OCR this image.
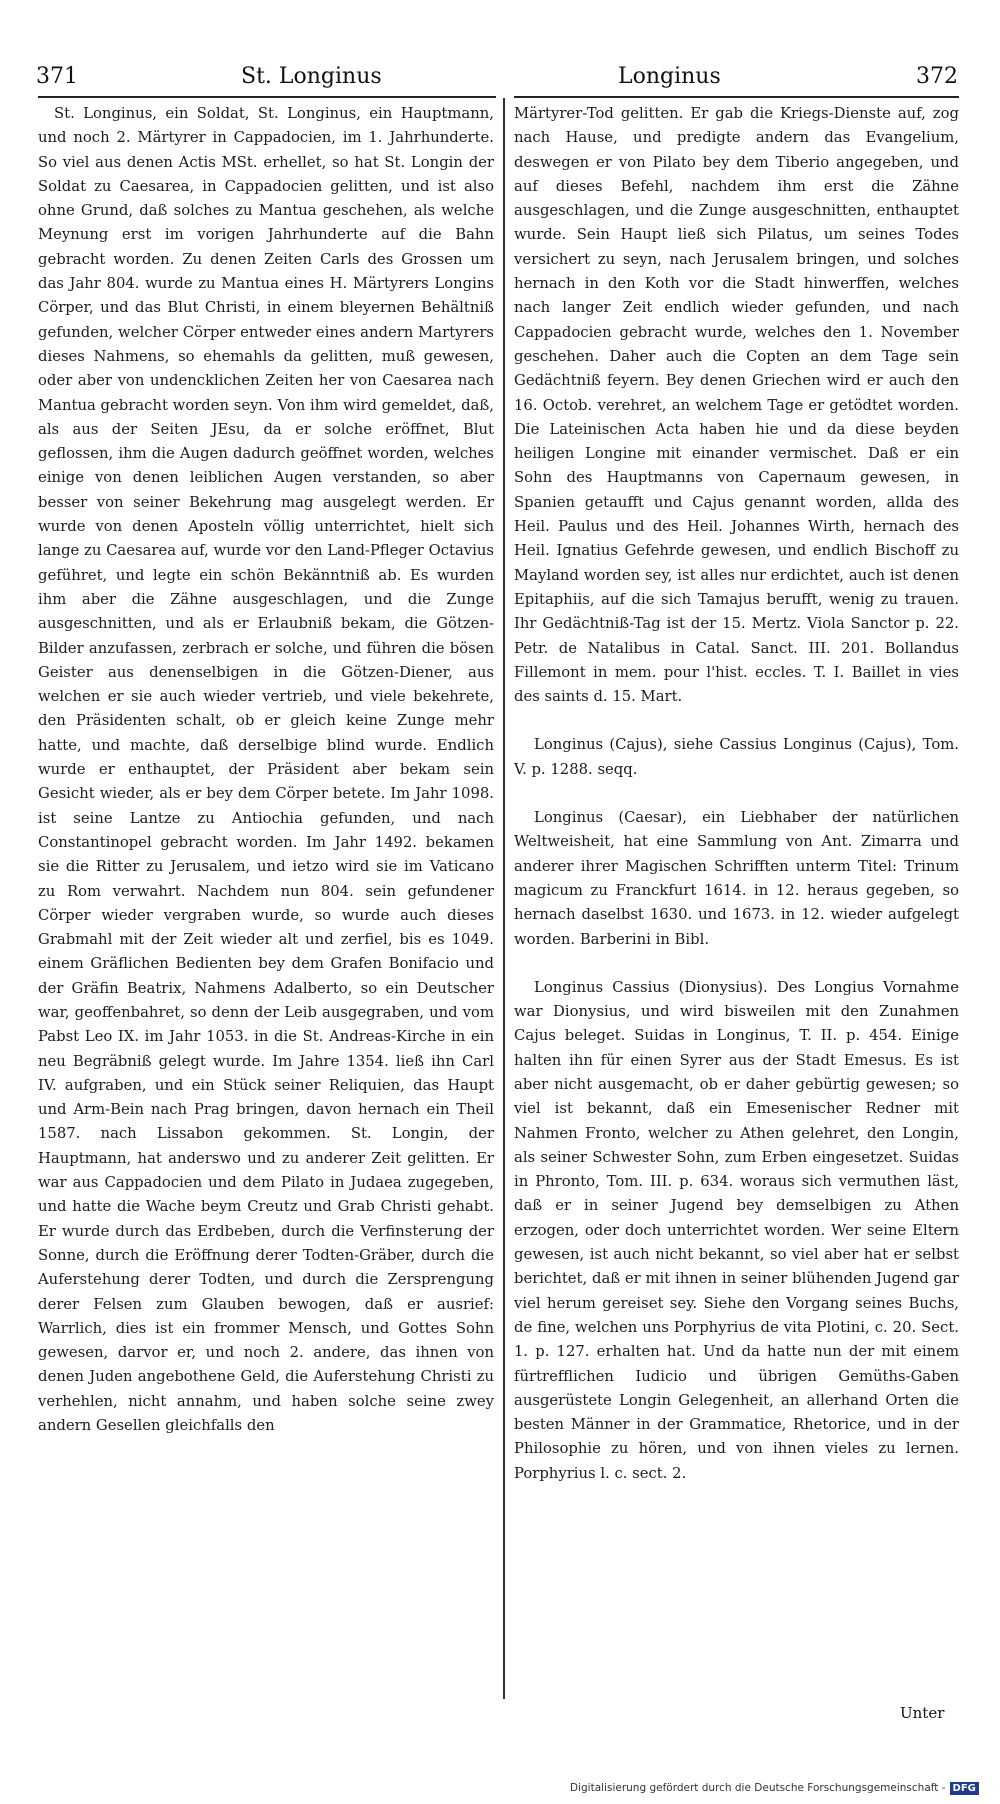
371	St. Longinus	Longinus	372

St. Longinus, ein Soldat, St. Longinus, ein Hauptmann, und noch 2. Märtyrer in Cappadocien, im 1. Jahrhunderte. So viel aus denen Actis MSt. erhellet, so hat St. Longin der Soldat zu Caesarea, in Cappadocien gelitten, und ist also ohne Grund, daß solches zu Mantua geschehen, als welche Meynung erst im vorigen Jahrhunderte auf die Bahn gebracht worden. Zu denen Zeiten Carls des Grossen um das Jahr 804. wurde zu Mantua eines H. Märtyrers Longins Cörper, und das Blut Christi, in einem bleyernen Behältniß gefunden, welcher Cörper entweder eines andern Martyrers dieses Nahmens, so ehemahls da gelitten, muß gewesen, oder aber von undencklichen Zeiten her von Caesarea nach Mantua gebracht worden seyn. Von ihm wird gemeldet, daß, als aus der Seiten JEsu, da er solche eröffnet, Blut geflossen, ihm die Augen dadurch geöffnet worden, welches einige von denen leiblichen Augen verstanden, so aber besser von seiner Bekehrung mag ausgelegt werden. Er wurde von denen Aposteln völlig unterrichtet, hielt sich lange zu Caesarea auf, wurde vor den Land-Pfleger Octavius geführet, und legte ein schön Bekänntniß ab. Es wurden ihm aber die Zähne ausgeschlagen, und die Zunge ausgeschnitten, und als er Erlaubniß bekam, die Götzen-Bilder anzufassen, zerbrach er solche, und führen die bösen Geister aus denenselbigen in die Götzen-Diener, aus welchen er sie auch wieder vertrieb, und viele bekehrete, den Präsidenten schalt, ob er gleich keine Zunge mehr hatte, und machte, daß derselbige blind wurde. Endlich wurde er enthauptet, der Präsident aber bekam sein Gesicht wieder, als er bey dem Cörper betete. Im Jahr 1098. ist seine Lantze zu Antiochia gefunden, und nach Constantinopel gebracht worden. Im Jahr 1492. bekamen sie die Ritter zu Jerusalem, und ietzo wird sie im Vaticano zu Rom verwahrt. Nachdem nun 804. sein gefundener Cörper wieder vergraben wurde, so wurde auch dieses Grabmahl mit der Zeit wieder alt und zerfiel, bis es 1049. einem Gräflichen Bedienten bey dem Grafen Bonifacio und der Gräfin Beatrix, Nahmens Adalberto, so ein Deutscher war, geoffenbahret, so denn der Leib ausgegraben, und vom Pabst Leo IX. im Jahr 1053. in die St. Andreas-Kirche in ein neu Begräbniß gelegt wurde. Im Jahre 1354. ließ ihn Carl IV. aufgraben, und ein Stück seiner Reliquien, das Haupt und Arm-Bein nach Prag bringen, davon hernach ein Theil 1587. nach Lissabon gekommen. St. Longin, der Hauptmann, hat anderswo und zu anderer Zeit gelitten. Er war aus Cappadocien und dem Pilato in Judaea zugegeben, und hatte die Wache beym Creutz und Grab Christi gehabt. Er wurde durch das Erdbeben, durch die Verfinsterung der Sonne, durch die Eröffnung derer Todten-Gräber, durch die Auferstehung derer Todten, und durch die Zersprengung derer Felsen zum Glauben bewogen, daß er ausrief: Warrlich, dies ist ein frommer Mensch, und Gottes Sohn gewesen, darvor er, und noch 2. andere, das ihnen von denen Juden angebothene Geld, die Auferstehung Christi zu verhehlen, nicht annahm, und haben solche seine zwey andern Gesellen gleichfalls den

Märtyrer-Tod gelitten. Er gab die Kriegs-Dienste auf, zog nach Hause, und predigte andern das Evangelium, deswegen er von Pilato bey dem Tiberio angegeben, und auf dieses Befehl, nachdem ihm erst die Zähne ausgeschlagen, und die Zunge ausgeschnitten, enthauptet wurde. Sein Haupt ließ sich Pilatus, um seines Todes versichert zu seyn, nach Jerusalem bringen, und solches hernach in den Koth vor die Stadt hinwerffen, welches nach langer Zeit endlich wieder gefunden, und nach Cappadocien gebracht wurde, welches den 1. November geschehen. Daher auch die Copten an dem Tage sein Gedächtniß feyern. Bey denen Griechen wird er auch den 16. Octob. verehret, an welchem Tage er getödtet worden. Die Lateinischen Acta haben hie und da diese beyden heiligen Longine mit einander vermischet. Daß er ein Sohn des Hauptmanns von Capernaum gewesen, in Spanien getaufft und Cajus genannt worden, allda des Heil. Paulus und des Heil. Johannes Wirth, hernach des Heil. Ignatius Gefehrde gewesen, und endlich Bischoff zu Mayland worden sey, ist alles nur erdichtet, auch ist denen Epitaphiis, auf die sich Tamajus berufft, wenig zu trauen. Ihr Gedächtniß-Tag ist der 15. Mertz. Viola Sanctor p. 22. Petr. de Natalibus in Catal. Sanct. III. 201. Bollandus Fillemont in mem. pour l'hist. eccles. T. I. Baillet in vies des saints d. 15. Mart.

Longinus (Cajus), siehe Cassius Longinus (Cajus), Tom. V. p. 1288. seqq.

Longinus (Caesar), ein Liebhaber der natürlichen Weltweisheit, hat eine Sammlung von Ant. Zimarra und anderer ihrer Magischen Schrifften unterm Titel: Trinum magicum zu Franckfurt 1614. in 12. heraus gegeben, so hernach daselbst 1630. und 1673. in 12. wieder aufgelegt worden. Barberini in Bibl.

Longinus Cassius (Dionysius). Des Longius Vornahme war Dionysius, und wird bisweilen mit den Zunahmen Cajus beleget. Suidas in Longinus, T. II. p. 454. Einige halten ihn für einen Syrer aus der Stadt Emesus. Es ist aber nicht ausgemacht, ob er daher gebürtig gewesen; so viel ist bekannt, daß ein Emesenischer Redner mit Nahmen Fronto, welcher zu Athen gelehret, den Longin, als seiner Schwester Sohn, zum Erben eingesetzet. Suidas in Phronto, Tom. III. p. 634. woraus sich vermuthen läst, daß er in seiner Jugend bey demselbigen zu Athen erzogen, oder doch unterrichtet worden. Wer seine Eltern gewesen, ist auch nicht bekannt, so viel aber hat er selbst berichtet, daß er mit ihnen in seiner blühenden Jugend gar viel herum gereiset sey. Siehe den Vorgang seines Buchs, de fine, welchen uns Porphyrius de vita Plotini, c. 20. Sect. 1. p. 127. erhalten hat. Und da hatte nun der mit einem fürtrefflichen Iudicio und übrigen Gemüths-Gaben ausgerüstete Longin Gelegenheit, an allerhand Orten die besten Männer in der Grammatice, Rhetorice, und in der Philosophie zu hören, und von ihnen vieles zu lernen. Porphyrius l. c. sect. 2.

Unter
Digitalisierung gefördert durch die Deutsche Forschungsgemeinschaft - DFG
